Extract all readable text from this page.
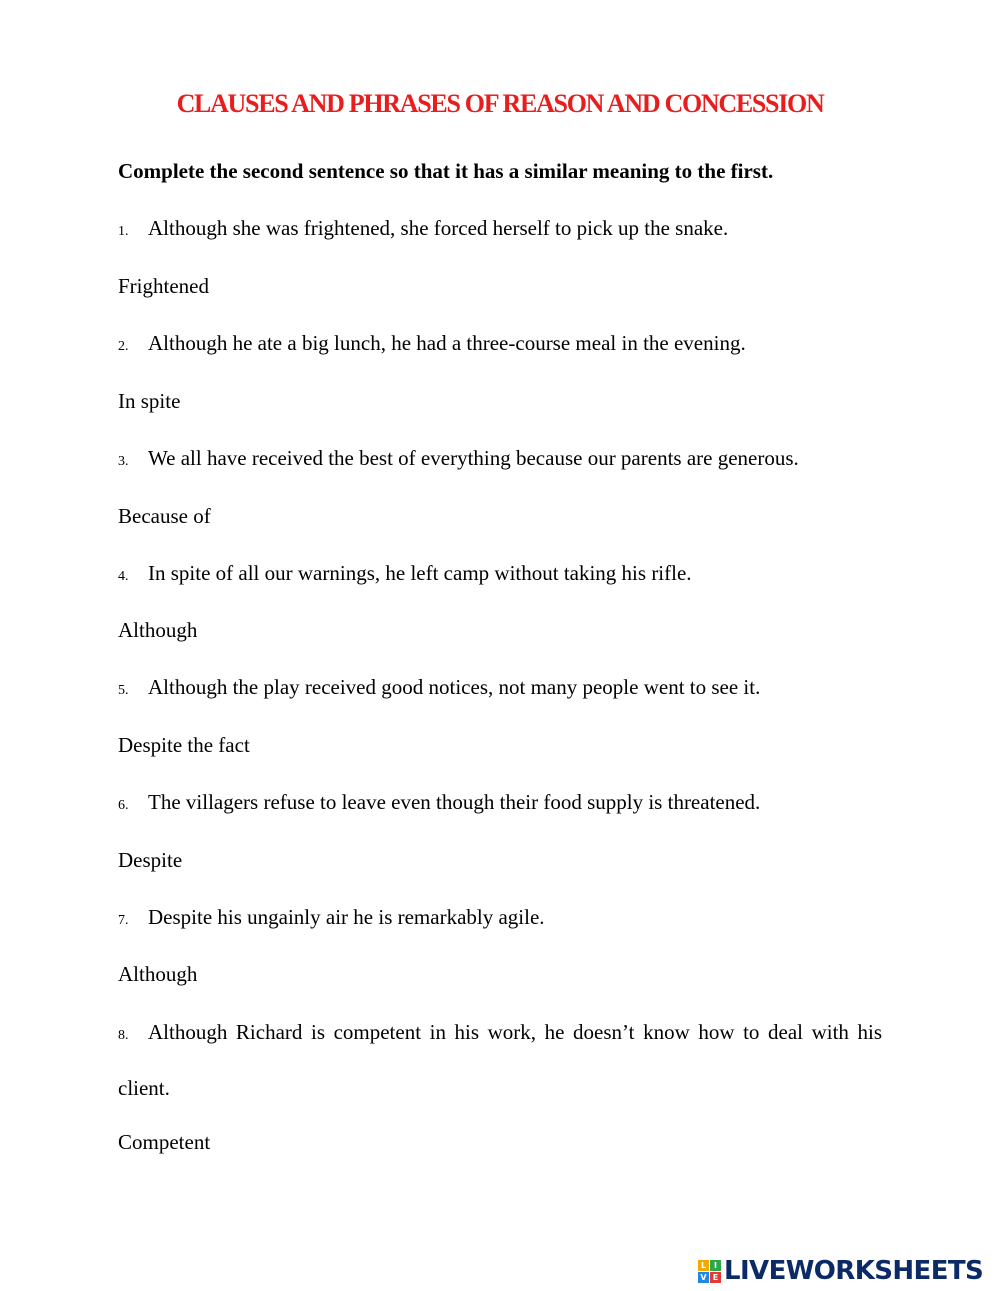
CLAUSES AND PHRASES OF REASON AND CONCESSION
Complete the second sentence so that it has a similar meaning to the first.
1. Although she was frightened, she forced herself to pick up the snake.
Frightened
2. Although he ate a big lunch, he had a three-course meal in the evening.
In spite
3. We all have received the best of everything because our parents are generous.
Because of
4. In spite of all our warnings, he left camp without taking his rifle.
Although
5. Although the play received good notices, not many people went to see it.
Despite the fact
6. The villagers refuse to leave even though their food supply is threatened.
Despite
7. Despite his ungainly air he is remarkably agile.
Although
8. Although Richard is competent in his work, he doesn’t know how to deal with his client.
Competent
L I
V E LIVEWORKSHEETS
